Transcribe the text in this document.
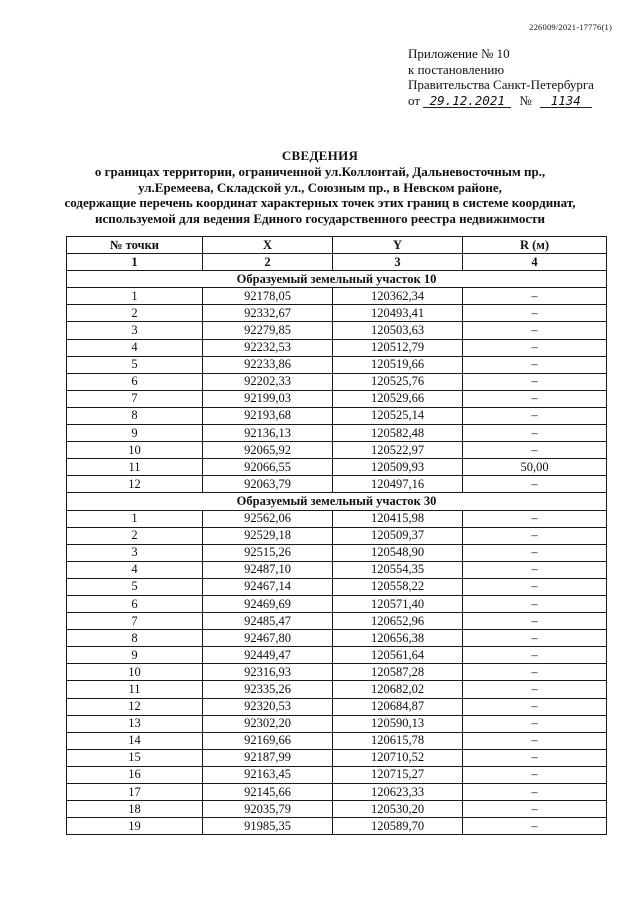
226009/2021-17776(1)
Приложение № 10
к постановлению
Правительства Санкт-Петербурга
от 29.12.2021 № 1134
СВЕДЕНИЯ
о границах территории, ограниченной ул.Коллонтай, Дальневосточным пр.,
ул.Еремеева, Складской ул., Союзным пр., в Невском районе,
содержащие перечень координат характерных точек этих границ в системе координат,
используемой для ведения Единого государственного реестра недвижимости
№ точки	X	Y	R (м)
1	2	3	4
Образуемый земельный участок 10			
1	92178,05	120362,34	–
2	92332,67	120493,41	–
3	92279,85	120503,63	–
4	92232,53	120512,79	–
5	92233,86	120519,66	–
6	92202,33	120525,76	–
7	92199,03	120529,66	–
8	92193,68	120525,14	–
9	92136,13	120582,48	–
10	92065,92	120522,97	–
11	92066,55	120509,93	50,00
12	92063,79	120497,16	–
Образуемый земельный участок 30			
1	92562,06	120415,98	–
2	92529,18	120509,37	–
3	92515,26	120548,90	–
4	92487,10	120554,35	–
5	92467,14	120558,22	–
6	92469,69	120571,40	–
7	92485,47	120652,96	–
8	92467,80	120656,38	–
9	92449,47	120561,64	–
10	92316,93	120587,28	–
11	92335,26	120682,02	–
12	92320,53	120684,87	–
13	92302,20	120590,13	–
14	92169,66	120615,78	–
15	92187,99	120710,52	–
16	92163,45	120715,27	–
17	92145,66	120623,33	–
18	92035,79	120530,20	–
19	91985,35	120589,70	–
